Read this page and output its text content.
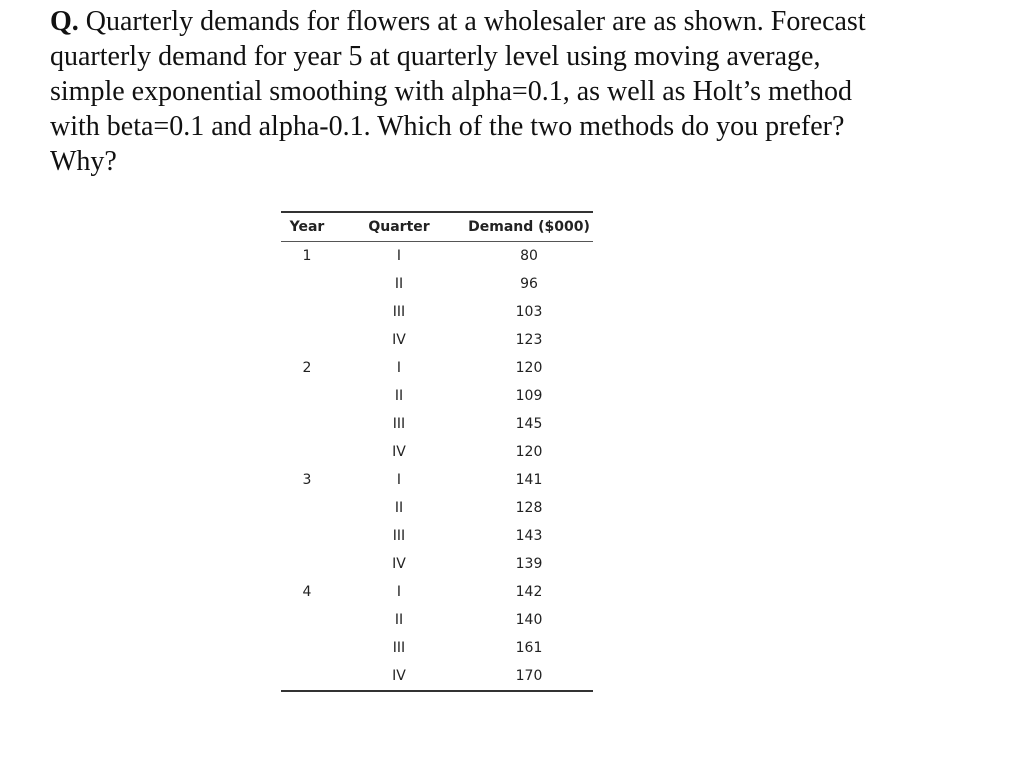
Q. Quarterly demands for flowers at a wholesaler are as shown. Forecast
quarterly demand for year 5 at quarterly level using moving average,
simple exponential smoothing with alpha=0.1, as well as Holt’s method
with beta=0.1 and alpha-0.1. Which of the two methods do you prefer?
Why?
Year	Quarter	Demand ($000)
1	I	80
	II	96
	III	103
	IV	123
2	I	120
	II	109
	III	145
	IV	120
3	I	141
	II	128
	III	143
	IV	139
4	I	142
	II	140
	III	161
	IV	170
